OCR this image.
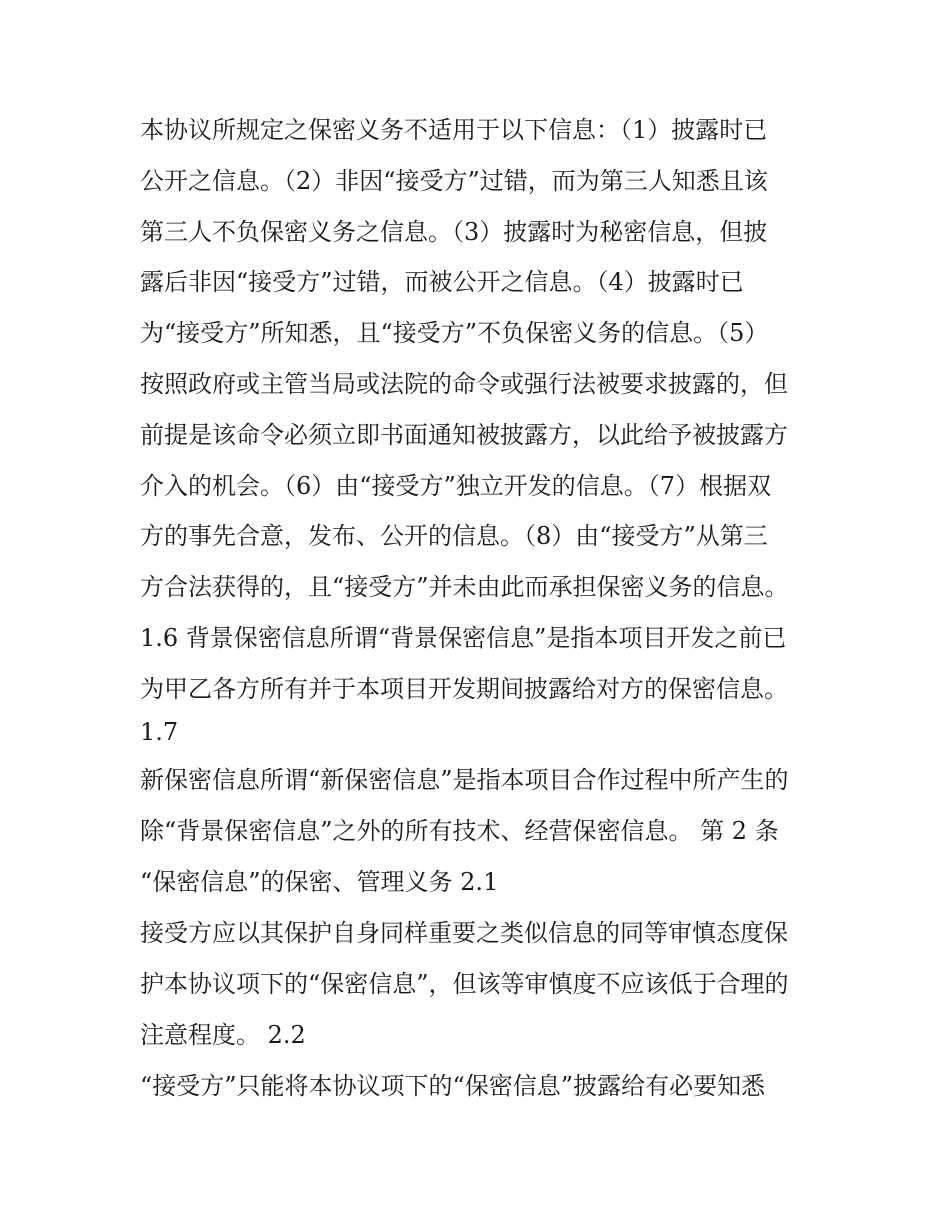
本协议所规定之保密义务不适用于以下信息：（1）披露时已
公开之信息。（2）非因“接受方”过错，而为第三人知悉且该
第三人不负保密义务之信息。（3）披露时为秘密信息，但披
露后非因“接受方”过错，而被公开之信息。（4）披露时已
为“接受方”所知悉，且“接受方”不负保密义务的信息。（5）
按照政府或主管当局或法院的命令或强行法被要求披露的，但
前提是该命令必须立即书面通知被披露方，以此给予被披露方
介入的机会。（6）由“接受方”独立开发的信息。（7）根据双
方的事先合意，发布、公开的信息。（8）由“接受方”从第三
方合法获得的，且“接受方”并未由此而承担保密义务的信息。
1.6 背景保密信息所谓“背景保密信息”是指本项目开发之前已
为甲乙各方所有并于本项目开发期间披露给对方的保密信息。
1.7
新保密信息所谓“新保密信息”是指本项目合作过程中所产生的
除“背景保密信息”之外的所有技术、经营保密信息。 第 2 条
“保密信息”的保密、管理义务 2.1
接受方应以其保护自身同样重要之类似信息的同等审慎态度保
护本协议项下的“保密信息”，但该等审慎度不应该低于合理的
注意程度。 2.2
“接受方”只能将本协议项下的“保密信息”披露给有必要知悉
